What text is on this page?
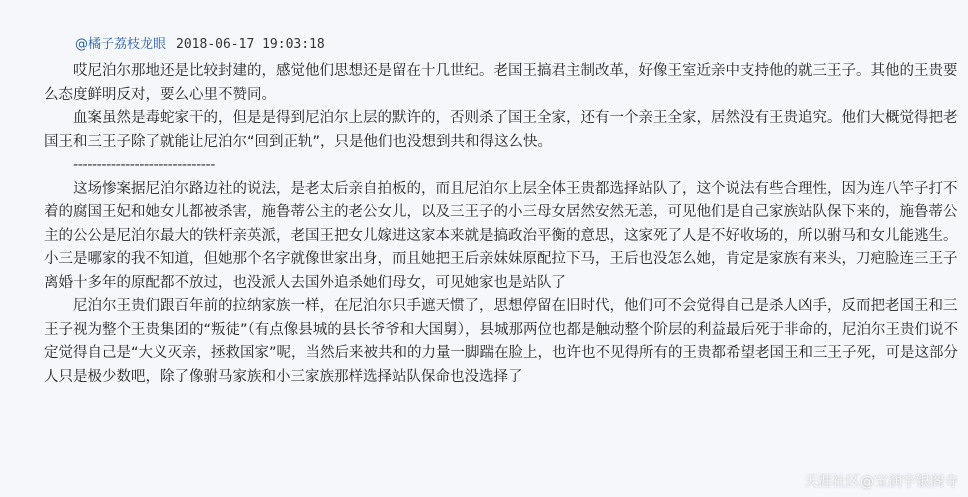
@橘子荔枝龙眼 2018-06-17 19:03:18

哎尼泊尔那地还是比较封建的，感觉他们思想还是留在十几世纪。老国王搞君主制改革，好像王室近亲中支持他的就三王子。其他的王贵要么态度鲜明反对，要么心里不赞同。

血案虽然是毒蛇家干的，但是是得到尼泊尔上层的默许的，否则杀了国王全家，还有一个亲王全家，居然没有王贵追究。他们大概觉得把老国王和三王子除了就能让尼泊尔“回到正轨”，只是他们也没想到共和得这么快。

------------------------------

这场惨案据尼泊尔路边社的说法，是老太后亲自拍板的，而且尼泊尔上层全体王贵都选择站队了，这个说法有些合理性，因为连八竿子打不着的腐国王妃和她女儿都被杀害，施鲁蒂公主的老公女儿，以及三王子的小三母女居然安然无恙，可见他们是自己家族站队保下来的，施鲁蒂公主的公公是尼泊尔最大的铁杆亲英派，老国王把女儿嫁进这家本来就是搞政治平衡的意思，这家死了人是不好收场的，所以驸马和女儿能逃生。小三是哪家的我不知道，但她那个名字就像世家出身，而且她把王后亲妹妹原配拉下马，王后也没怎么她，肯定是家族有来头，刀疤脸连三王子离婚十多年的原配都不放过，也没派人去国外追杀她们母女，可见她家也是站队了

尼泊尔王贵们跟百年前的拉纳家族一样，在尼泊尔只手遮天惯了，思想停留在旧时代，他们可不会觉得自己是杀人凶手，反而把老国王和三王子视为整个王贵集团的“叛徒”（有点像县城的县长爷爷和大国舅），县城那两位也都是触动整个阶层的利益最后死于非命的，尼泊尔王贵们说不定觉得自己是“大义灭亲，拯救国家”呢，当然后来被共和的力量一脚踹在脸上，也许也不见得所有的王贵都希望老国王和三王子死，可是这部分人只是极少数吧，除了像驸马家族和小三家族那样选择站队保命也没选择了

天涯社区@宝润宇银阁寺
